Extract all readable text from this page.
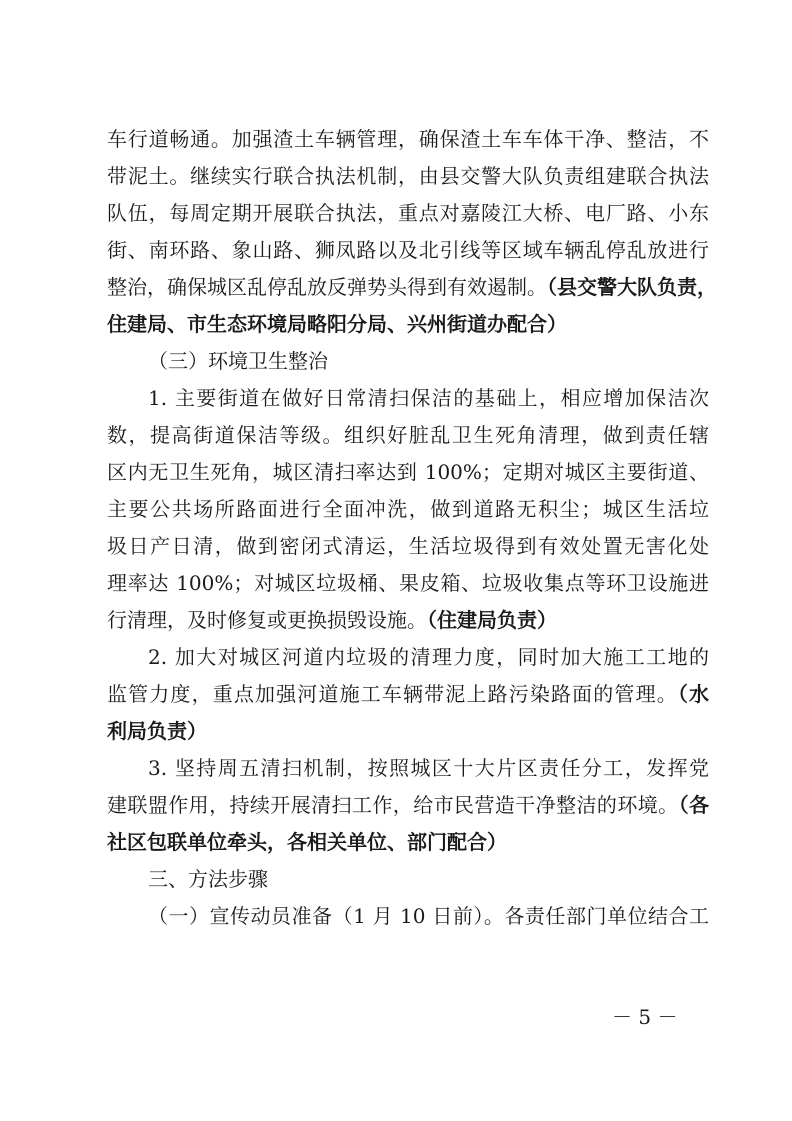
车行道畅通。加强渣土车辆管理，确保渣土车车体干净、整洁，不
带泥土。继续实行联合执法机制，由县交警大队负责组建联合执法
队伍，每周定期开展联合执法，重点对嘉陵江大桥、电厂路、小东
街、南环路、象山路、狮凤路以及北引线等区域车辆乱停乱放进行
整治，确保城区乱停乱放反弹势头得到有效遏制。（县交警大队负责，
住建局、市生态环境局略阳分局、兴州街道办配合）
（三）环境卫生整治
1. 主要街道在做好日常清扫保洁的基础上，相应增加保洁次
数，提高街道保洁等级。组织好脏乱卫生死角清理，做到责任辖
区内无卫生死角，城区清扫率达到 100%；定期对城区主要街道、
主要公共场所路面进行全面冲洗，做到道路无积尘；城区生活垃
圾日产日清，做到密闭式清运，生活垃圾得到有效处置无害化处
理率达 100%；对城区垃圾桶、果皮箱、垃圾收集点等环卫设施进
行清理，及时修复或更换损毁设施。（住建局负责）
2. 加大对城区河道内垃圾的清理力度，同时加大施工工地的
监管力度，重点加强河道施工车辆带泥上路污染路面的管理。（水
利局负责）
3. 坚持周五清扫机制，按照城区十大片区责任分工，发挥党
建联盟作用，持续开展清扫工作，给市民营造干净整洁的环境。（各
社区包联单位牵头，各相关单位、部门配合）
三、方法步骤
（一）宣传动员准备（1 月 10 日前）。各责任部门单位结合工
－ 5 －
